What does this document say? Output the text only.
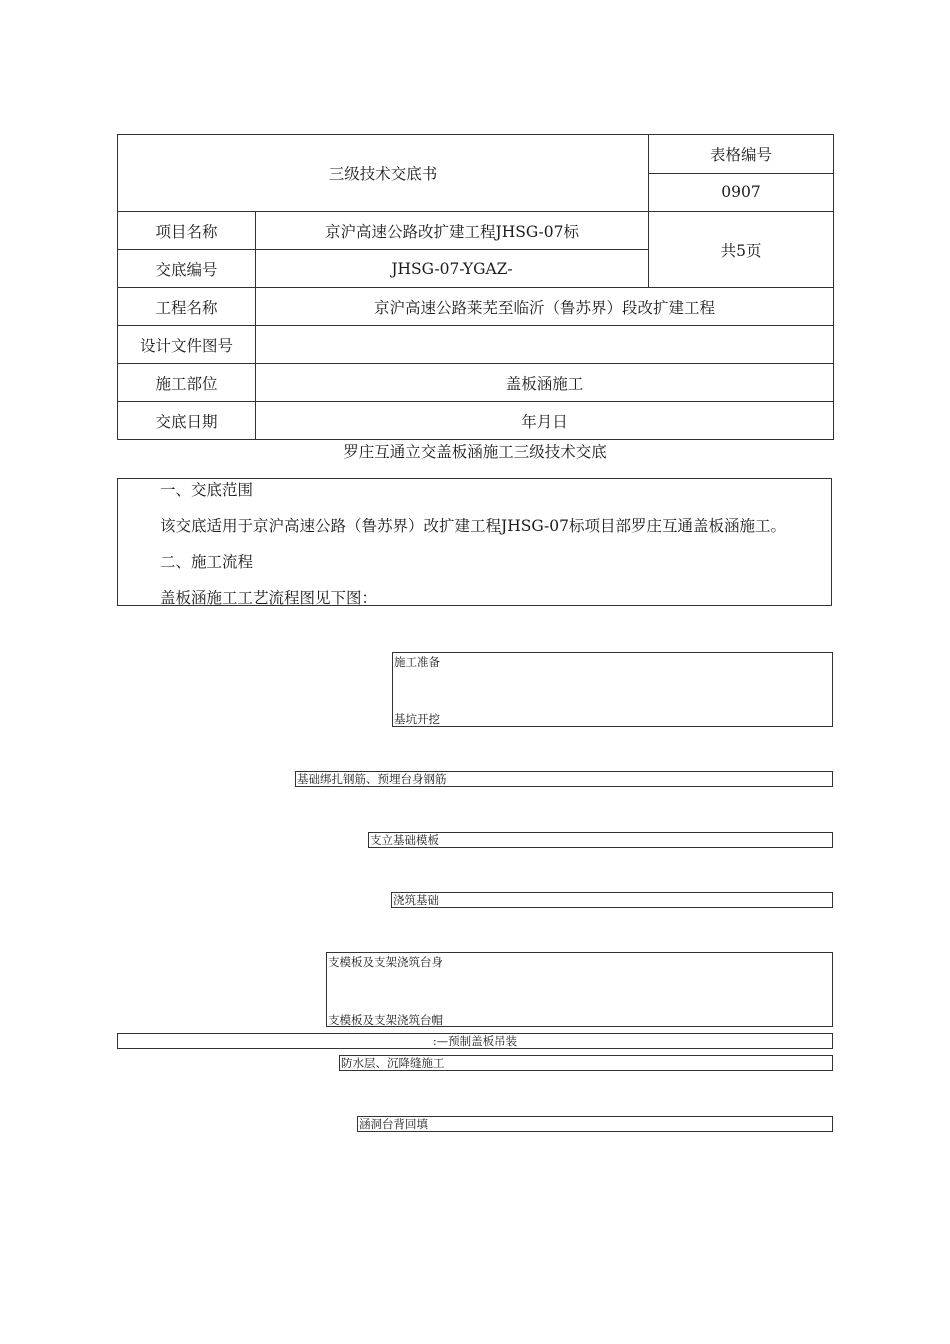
三级技术交底书		表格编号
		0907
项目名称	京沪高速公路改扩建工程JHSG-07标	共5页
交底编号	JHSG-07-YGAZ-	
工程名称	京沪高速公路莱芜至临沂（鲁苏界）段改扩建工程	
设计文件图号		
施工部位	盖板涵施工	
交底日期	年月日	
罗庄互通立交盖板涵施工三级技术交底
一、交底范围
该交底适用于京沪高速公路（鲁苏界）改扩建工程JHSG-07标项目部罗庄互通盖板涵施工。
二、施工流程
盖板涵施工工艺流程图见下图：
施工准备
基坑开挖
基础绑扎钢筋、预埋台身钢筋
支立基础模板
浇筑基础
支模板及支架浇筑台身
支模板及支架浇筑台帽
:—预制盖板吊装
防水层、沉降缝施工
涵洞台背回填
